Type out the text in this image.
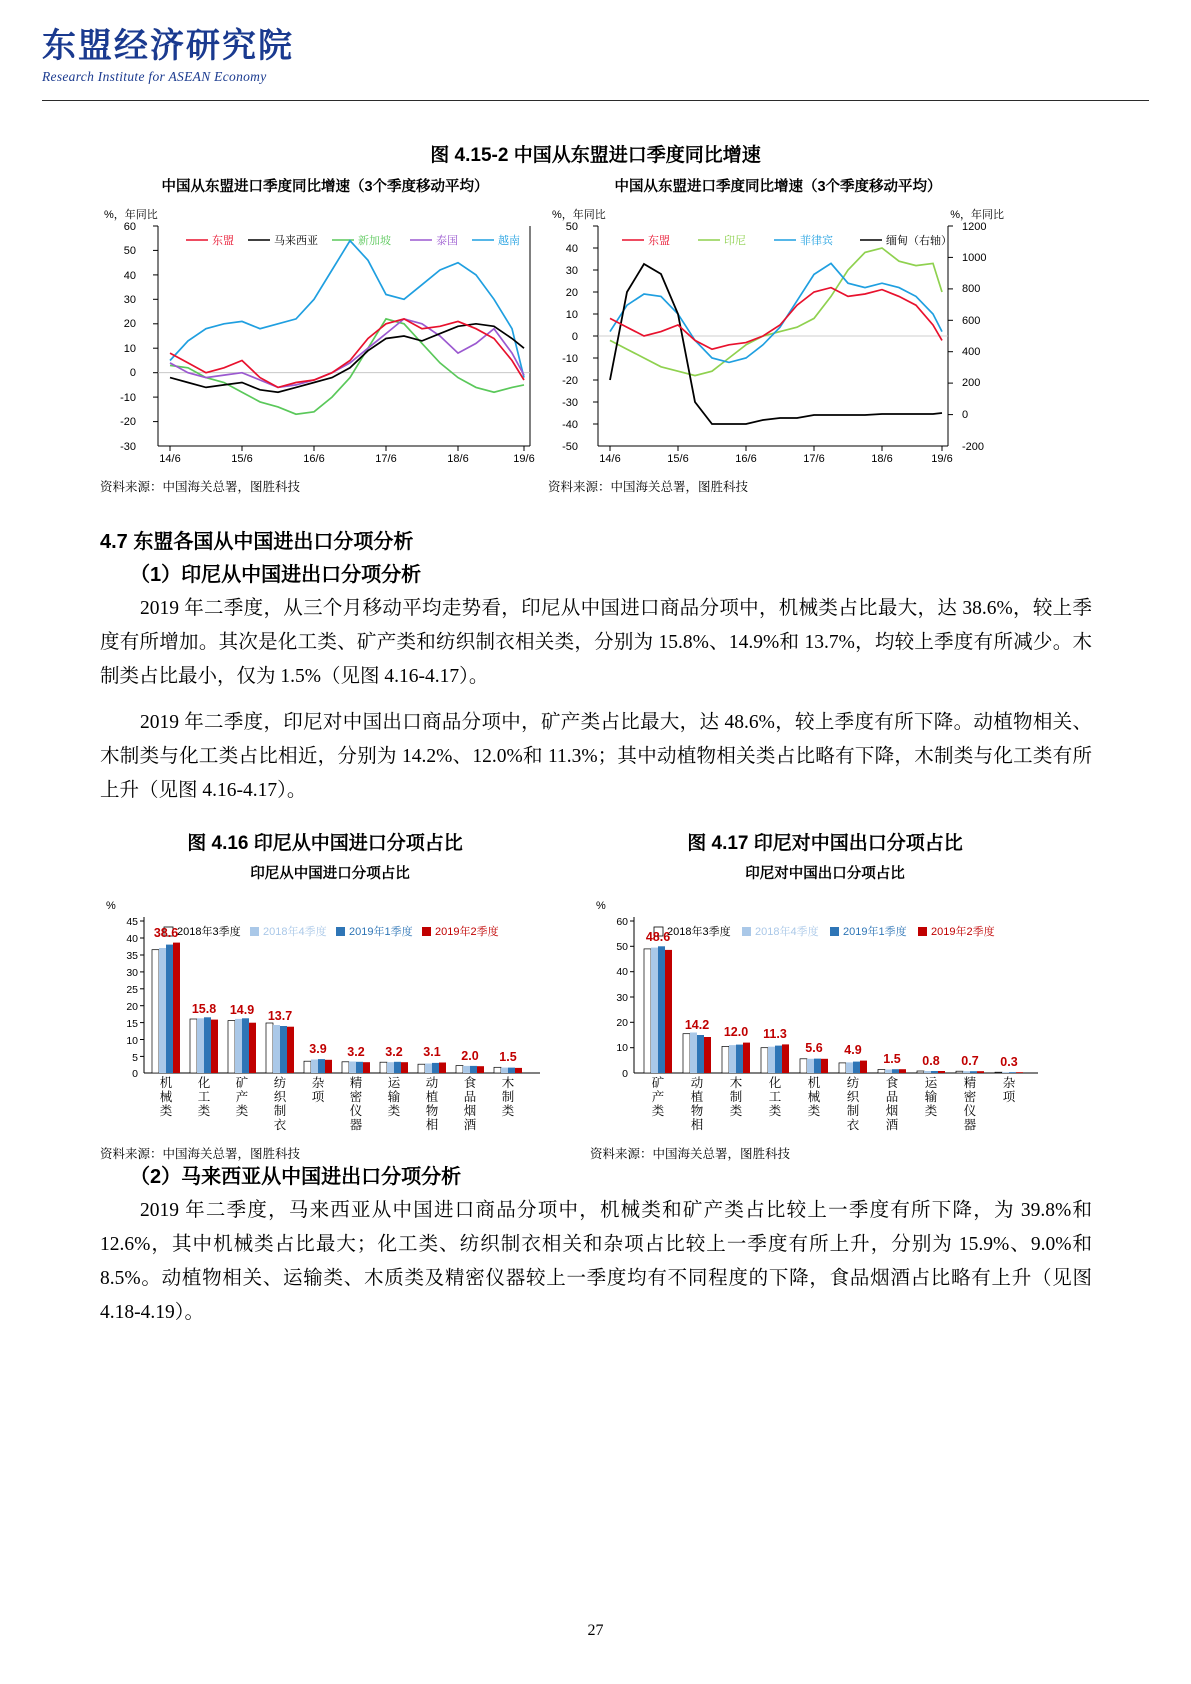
东盟经济研究院
Research Institute for ASEAN Economy
图 4.15-2 中国从东盟进口季度同比增速
中国从东盟进口季度同比增速（3个季度移动平均）
%，年同比
60
50
40
30
20
10
0
-10
-20
-30
14/6	15/6	16/6	17/6	18/6	19/6
东盟	马来西亚	新加坡	泰国	越南
资料来源：中国海关总署，图胜科技
中国从东盟进口季度同比增速（3个季度移动平均）
%，年同比	%，年同比
50
40
30
20
10
0
-10
-20
-30
-40
-50
1200
1000
800
600
400
200
0
-200
14/6	15/6	16/6	17/6	18/6	19/6
东盟	印尼	菲律宾	缅甸（右轴）
资料来源：中国海关总署，图胜科技
4.7 东盟各国从中国进出口分项分析
（1）印尼从中国进出口分项分析

2019 年二季度，从三个月移动平均走势看，印尼从中国进口商品分项中，机械类占比最大，达 38.6%，较上季度有所增加。其次是化工类、矿产类和纺织制衣相关类，分别为 15.8%、14.9%和 13.7%，均较上季度有所减少。木制类占比最小，仅为 1.5%（见图 4.16-4.17）。

2019 年二季度，印尼对中国出口商品分项中，矿产类占比最大，达 48.6%，较上季度有所下降。动植物相关、木制类与化工类占比相近，分别为 14.2%、12.0%和 11.3%；其中动植物相关类占比略有下降，木制类与化工类有所上升（见图 4.16-4.17）。

图 4.16 印尼从中国进口分项占比	图 4.17 印尼对中国出口分项占比
印尼从中国进口分项占比
%
45
40
35
30
25
20
15
10
5
0
2018年3季度 2018年4季度 2019年1季度 2019年2季度
38.6
15.8 14.9 13.7
3.9 3.2 3.2 3.1 2.0 1.5
机
械
类
化
工
类
矿
产
类
纺
织
制
衣
杂
项
精
密
仪
器
运
输
类
动
植
物
相
食
品
烟
酒
木
制
类
资料来源：中国海关总署，图胜科技
印尼对中国出口分项占比
%
60
50
40
30
20
10
0
2018年3季度 2018年4季度 2019年1季度 2019年2季度
48.6
14.2 12.0 11.3
5.6 4.9
1.5 0.8 0.7 0.3
矿
产
类
动
植
物
相
木
制
类
化
工
类
机
械
类
纺
织
制
衣
食
品
烟
酒
运
输
类
精
密
仪
器
杂
项
资料来源：中国海关总署，图胜科技
（2）马来西亚从中国进出口分项分析

2019 年二季度，马来西亚从中国进口商品分项中，机械类和矿产类占比较上一季度有所下降，为 39.8%和 12.6%，其中机械类占比最大；化工类、纺织制衣相关和杂项占比较上一季度有所上升，分别为 15.9%、9.0%和 8.5%。动植物相关、运输类、木质类及精密仪器较上一季度均有不同程度的下降，食品烟酒占比略有上升（见图 4.18-4.19）。

27
